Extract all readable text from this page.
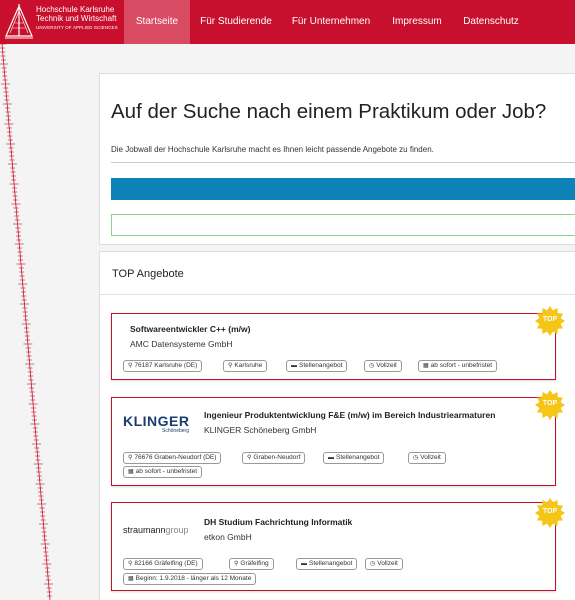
Hochschule Karlsruhe
Technik und Wirtschaft
UNIVERSITY OF APPLIED SCIENCES
Startseite	Für Studierende	Für Unternehmen	Impressum	Datenschutz
Auf der Suche nach einem Praktikum oder Job?
Die Jobwall der Hochschule Karlsruhe macht es Ihnen leicht passende Angebote zu finden.
TOP Angebote
Softwareentwickler C++ (m/w)
AMC Datensysteme GmbH
⚲ 76187 Karlsruhe (DE)	⚲ Karlsruhe	▬ Stellenangebot	◷ Vollzeit	▦ ab sofort - unbefristet
KLINGER
Schöneberg
Ingenieur Produktentwicklung F&E (m/w) im Bereich Industriearmaturen
KLINGER Schöneberg GmbH
⚲ 76676 Graben-Neudorf (DE)	⚲ Graben-Neudorf	▬ Stellenangebot	◷ Vollzeit
▦ ab sofort - unbefristet
straumanngroup
DH Studium Fachrichtung Informatik
etkon GmbH
⚲ 82166 Gräfelfing (DE)	⚲ Gräfelfing	▬ Stellenangebot	◷ Vollzeit
▦ Beginn: 1.9.2018 - länger als 12 Monate
TOP
TOP
TOP
